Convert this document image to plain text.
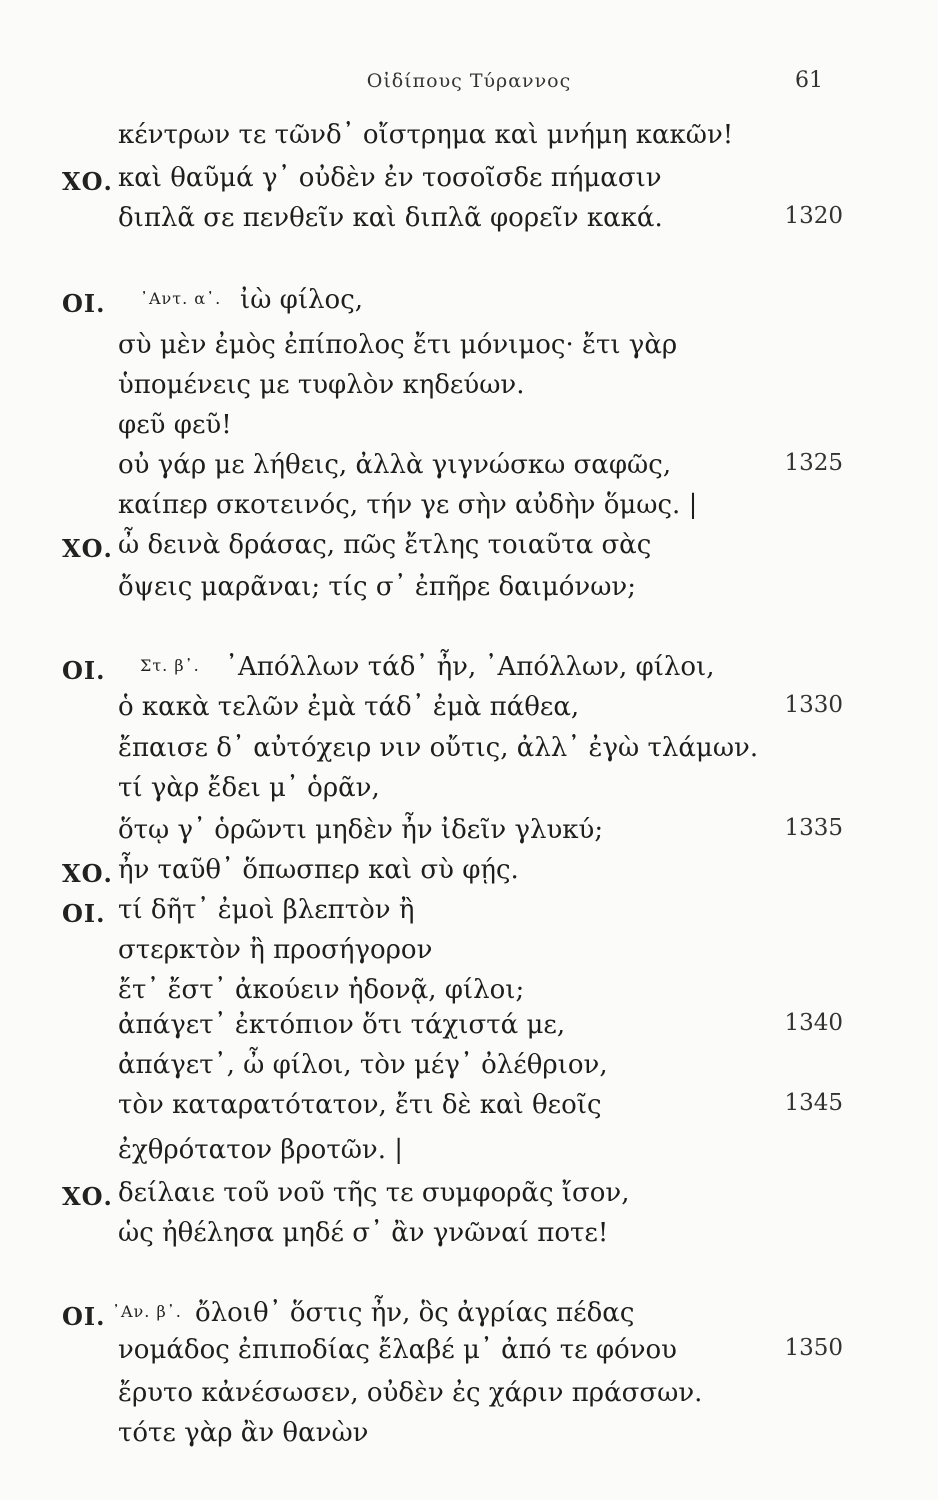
Οἰδίπους Τύραννος	61
κέντρων τε τῶνδ᾽ οἴστρημα καὶ μνήμη κακῶν!
ΧΟ. καὶ θαῦμά γ᾽ οὐδὲν ἐν τοσοῖσδε πήμασιν
διπλᾶ σε πενθεῖν καὶ διπλᾶ φορεῖν κακά.	1320
ΟΙ. ᾽Αντ. α᾽. ἰὼ φίλος,
σὺ μὲν ἐμὸς ἐπίπολος ἔτι μόνιμος· ἔτι γὰρ
ὑπομένεις με τυφλὸν κηδεύων.
φεῦ φεῦ!
οὐ γάρ με λήθεις, ἀλλὰ γιγνώσκω σαφῶς,	1325
καίπερ σκοτεινός, τήν γε σὴν αὐδὴν ὅμως. |
ΧΟ. ὦ δεινὰ δράσας, πῶς ἔτλης τοιαῦτα σὰς
ὄψεις μαρᾶναι; τίς σ᾽ ἐπῆρε δαιμόνων;
ΟΙ. Στ. β᾽. ᾽Απόλλων τάδ᾽ ἦν, ᾽Απόλλων, φίλοι,
ὁ κακὰ τελῶν ἐμὰ τάδ᾽ ἐμὰ πάθεα,	1330
ἔπαισε δ᾽ αὐτόχειρ νιν οὔτις, ἀλλ᾽ ἐγὼ τλάμων.
τί γὰρ ἔδει μ᾽ ὁρᾶν,
ὅτῳ γ᾽ ὁρῶντι μηδὲν ἦν ἰδεῖν γλυκύ;	1335
ΧΟ. ἦν ταῦθ᾽ ὅπωσπερ καὶ σὺ φῄς.
ΟΙ. τί δῆτ᾽ ἐμοὶ βλεπτὸν ἢ
στερκτὸν ἢ προσήγορον
ἔτ᾽ ἔστ᾽ ἀκούειν ἡδονᾷ, φίλοι;
ἀπάγετ᾽ ἐκτόπιον ὅτι τάχιστά με,	1340
ἀπάγετ᾽, ὦ φίλοι, τὸν μέγ᾽ ὀλέθριον,
τὸν καταρατότατον, ἔτι δὲ καὶ θεοῖς	1345
ἐχθρότατον βροτῶν. |
ΧΟ. δείλαιε τοῦ νοῦ τῆς τε συμφορᾶς ἴσον,
ὡς ἠθέλησα μηδέ σ᾽ ἂν γνῶναί ποτε!
ΟΙ. ᾽Αν. β᾽. ὄλοιθ᾽ ὅστις ἦν, ὃς ἀγρίας πέδας
νομάδος ἐπιποδίας ἔλαβέ μ᾽ ἀπό τε φόνου	1350
ἔρυτο κἀνέσωσεν, οὐδὲν ἐς χάριν πράσσων.
τότε γὰρ ἂν θανὼν
